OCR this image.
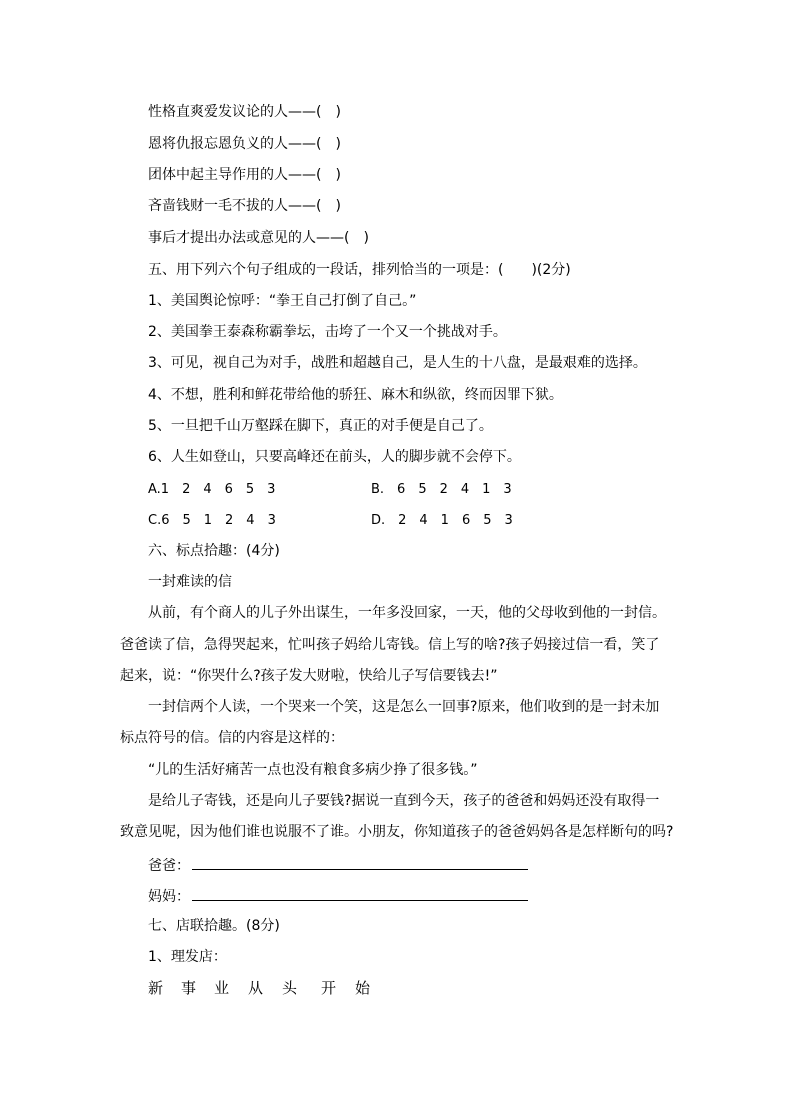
性格直爽爱发议论的人——(　)
恩将仇报忘恩负义的人——(　)
团体中起主导作用的人——(　)
吝啬钱财一毛不拔的人——(　)
事后才提出办法或意见的人——(　)
五、用下列六个句子组成的一段话，排列恰当的一项是：(　　)(2分)
1、美国舆论惊呼：“拳王自己打倒了自己。”
2、美国拳王泰森称霸拳坛，击垮了一个又一个挑战对手。
3、可见，视自己为对手，战胜和超越自己，是人生的十八盘，是最艰难的选择。
4、不想，胜利和鲜花带给他的骄狂、麻木和纵欲，终而因罪下狱。
5、一旦把千山万壑踩在脚下，真正的对手便是自己了。
6、人生如登山，只要高峰还在前头，人的脚步就不会停下。
A.1　2　4　6　5　3	B.　6　5　2　4　1　3
C.6　5　1　2　4　3	D.　2　4　1　6　5　3
六、标点拾趣：(4分)
一封难读的信
从前，有个商人的儿子外出谋生，一年多没回家，一天，他的父母收到他的一封信。
爸爸读了信，急得哭起来，忙叫孩子妈给儿寄钱。信上写的啥?孩子妈接过信一看，笑了
起来，说：“你哭什么?孩子发大财啦，快给儿子写信要钱去!”
一封信两个人读，一个哭来一个笑，这是怎么一回事?原来，他们收到的是一封未加
标点符号的信。信的内容是这样的：
“儿的生活好痛苦一点也没有粮食多病少挣了很多钱。”
是给儿子寄钱，还是向儿子要钱?据说一直到今天，孩子的爸爸和妈妈还没有取得一
致意见呢，因为他们谁也说服不了谁。小朋友，你知道孩子的爸爸妈妈各是怎样断句的吗?
爸爸：
妈妈：
七、店联拾趣。(8分)
1、理发店：
新 事 业 从 头 开 始
